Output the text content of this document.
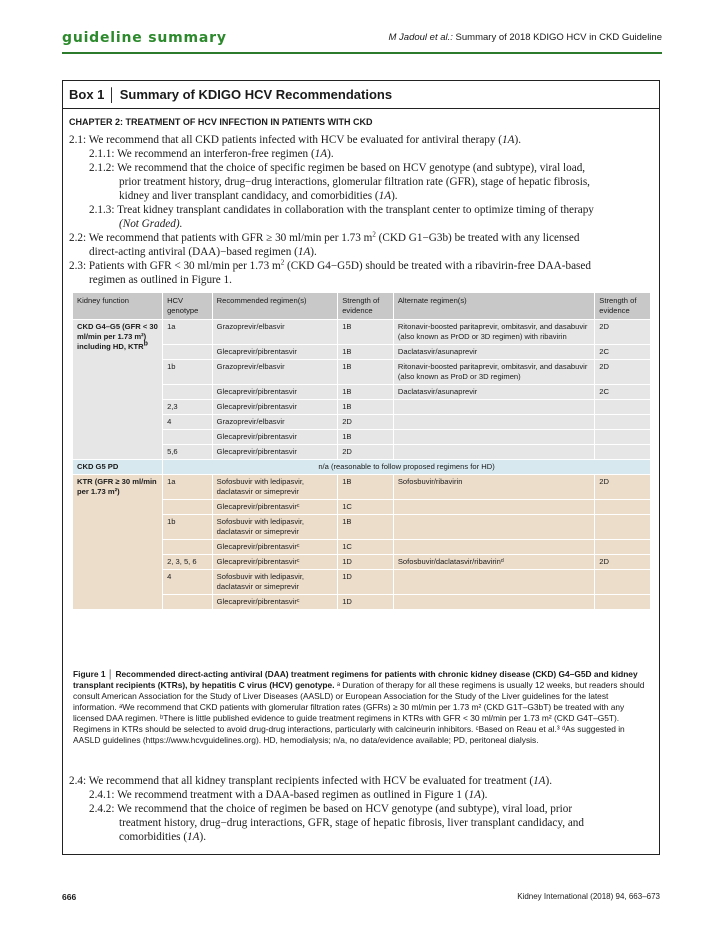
guideline summary	M Jadoul et al.: Summary of 2018 KDIGO HCV in CKD Guideline
Box 1 │ Summary of KDIGO HCV Recommendations
CHAPTER 2: TREATMENT OF HCV INFECTION IN PATIENTS WITH CKD
2.1: We recommend that all CKD patients infected with HCV be evaluated for antiviral therapy (1A).
2.1.1: We recommend an interferon-free regimen (1A).
2.1.2: We recommend that the choice of specific regimen be based on HCV genotype (and subtype), viral load,
prior treatment history, drug−drug interactions, glomerular filtration rate (GFR), stage of hepatic fibrosis,
kidney and liver transplant candidacy, and comorbidities (1A).
2.1.3: Treat kidney transplant candidates in collaboration with the transplant center to optimize timing of therapy
(Not Graded).
2.2: We recommend that patients with GFR ≥ 30 ml/min per 1.73 $m^2$ (CKD G1−G3b) be treated with any licensed
direct-acting antiviral (DAA)−based regimen (1A).
2.3: Patients with GFR < 30 ml/min per 1.73 $m^2$ (CKD G4−G5D) should be treated with a ribavirin-free DAA-based
regimen as outlined in Figure 1.
Kidney function	HCV genotype	Recommended regimen(s)	Strength of evidence	Alternate regimen(s)	Strength of evidence
CKD G4–G5 (GFR < 30 ml/min per 1.73 m²) including HD, KTRb	1a	Grazoprevir/elbasvir	1B	Ritonavir-boosted paritaprevir, ombitasvir, and dasabuvir (also known as PrOD or 3D regimen) with ribavirin	2D
		Glecaprevir/pibrentasvir	1B	Daclatasvir/asunaprevir	2C
	1b	Grazoprevir/elbasvir	1B	Ritonavir-boosted paritaprevir, ombitasvir, and dasabuvir (also known as ProD or 3D regimen)	2D
		Glecaprevir/pibrentasvir	1B	Daclatasvir/asunaprevir	2C
	2,3	Glecaprevir/pibrentasvir	1B		
	4	Grazoprevir/elbasvir	2D		
		Glecaprevir/pibrentasvir	1B		
	5,6	Glecaprevir/pibrentasvir	2D		
CKD G5 PD	n/a (reasonable to follow proposed regimens for HD)				
KTR (GFR ≥ 30 ml/min per 1.73 m²)	1a	Sofosbuvir with ledipasvir, daclatasvir or simeprevir	1B	Sofosbuvir/ribavirin	2D
		Glecaprevir/pibrentasvirᶜ	1C		
	1b	Sofosbuvir with ledipasvir, daclatasvir or simeprevir	1B		
		Glecaprevir/pibrentasvirᶜ	1C		
	2, 3, 5, 6	Glecaprevir/pibrentasvirᶜ	1D	Sofosbuvir/daclatasvir/ribavirinᵈ	2D
	4	Sofosbuvir with ledipasvir, daclatasvir or simeprevir	1D		
		Glecaprevir/pibrentasvirᶜ	1D		
Figure 1 │ Recommended direct-acting antiviral (DAA) treatment regimens for patients with chronic kidney disease (CKD) G4–G5D and kidney transplant recipients (KTRs), by hepatitis C virus (HCV) genotype. ᵃ Duration of therapy for all these regimens is usually 12 weeks, but readers should consult American Association for the Study of Liver Diseases (AASLD) or European Association for the Study of the Liver guidelines for the latest information. ᵃWe recommend that CKD patients with glomerular filtration rates (GFRs) ≥ 30 ml/min per 1.73 m² (CKD G1T–G3bT) be treated with any licensed DAA regimen. ᵇThere is little published evidence to guide treatment regimens in KTRs with GFR < 30 ml/min per 1.73 m² (CKD G4T–G5T). Regimens in KTRs should be selected to avoid drug-drug interactions, particularly with calcineurin inhibitors. ᶜBased on Reau et al.³ ᵈAs suggested in AASLD guidelines (https://www.hcvguidelines.org). HD, hemodialysis; n/a, no data/evidence available; PD, peritoneal dialysis.
2.4: We recommend that all kidney transplant recipients infected with HCV be evaluated for treatment (1A).
2.4.1: We recommend treatment with a DAA-based regimen as outlined in Figure 1 (1A).
2.4.2: We recommend that the choice of regimen be based on HCV genotype (and subtype), viral load, prior
treatment history, drug−drug interactions, GFR, stage of hepatic fibrosis, liver transplant candidacy, and
comorbidities (1A).
666	Kidney International (2018) 94, 663–673
